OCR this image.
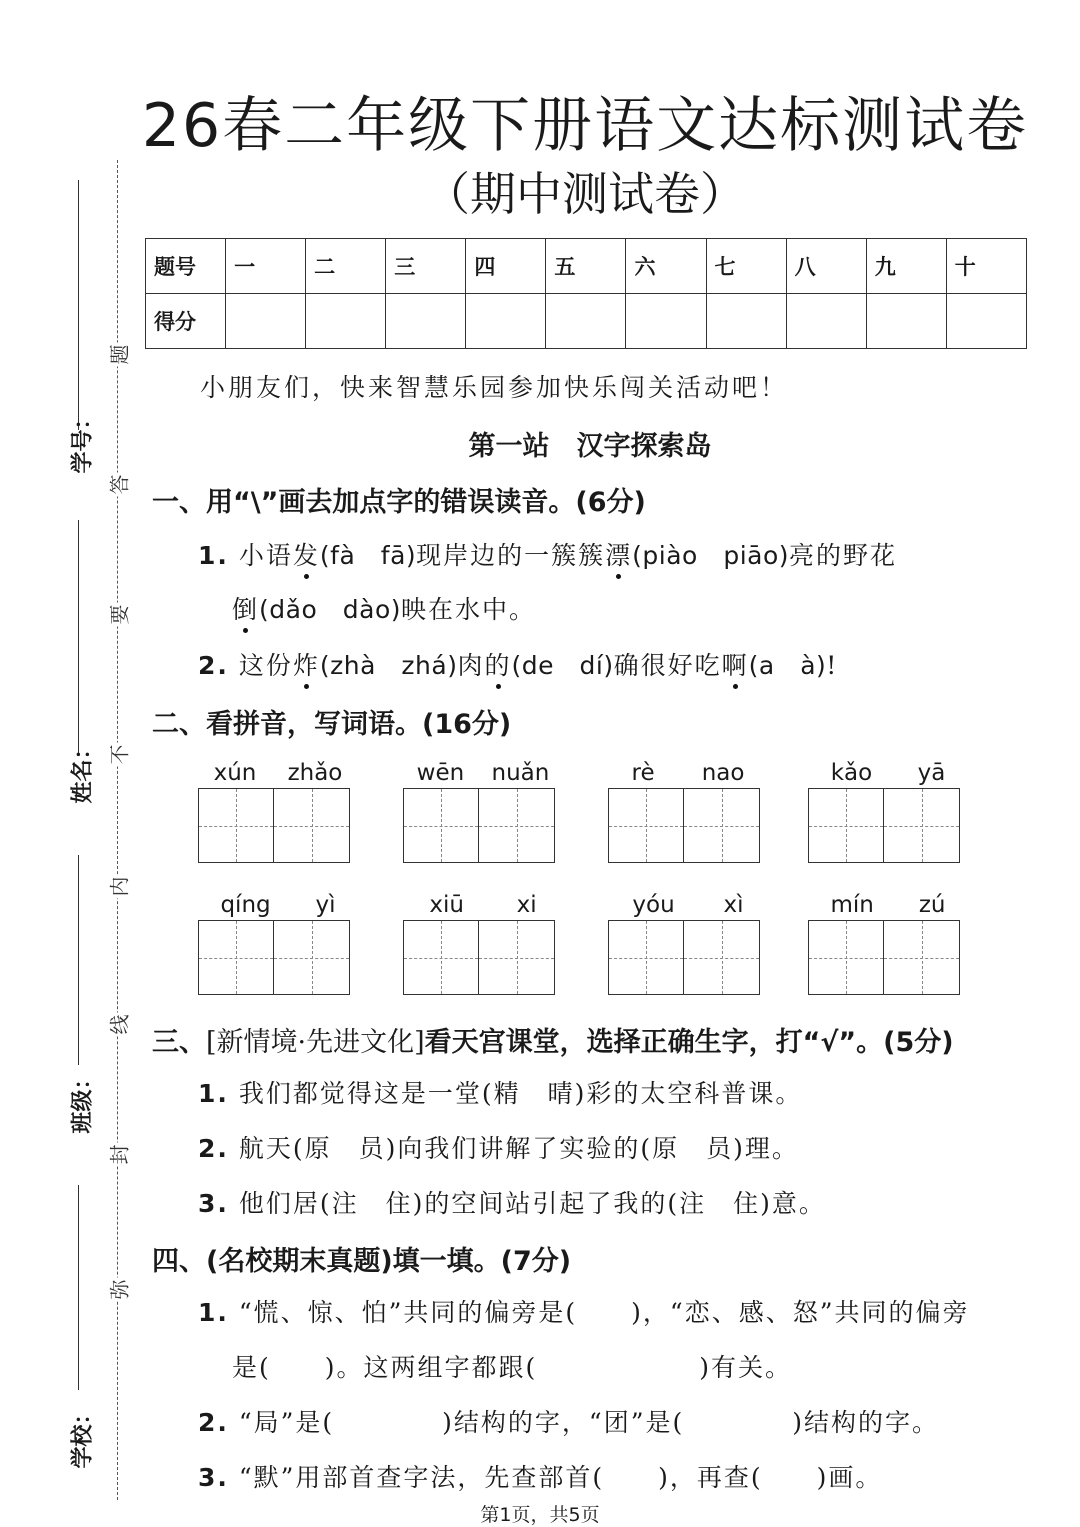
26春二年级下册语文达标测试卷
（期中测试卷）
学号：
姓名：
班级：
学校：
题
答
要
不
内
线
封
弥
题号	一	二	三	四	五	六	七	八	九	十
得分										
小朋友们，快来智慧乐园参加快乐闯关活动吧！
第一站　汉字探索岛
一、用“\”画去加点字的错误读音。(6分)
1. 小语发(fà　fā)现岸边的一簇簇漂(piào　piāo)亮的野花
倒(dǎo　dào)映在水中。
2. 这份炸(zhà　zhá)肉的(de　dí)确很好吃啊(a　à)!
二、看拼音，写词语。(16分)
xún zhǎo	wēn nuǎn	rè nao	kǎo yā
qíng yì	xiū xi	yóu xì	mín zú
三、[新情境·先进文化]看天宫课堂，选择正确生字，打“√”。(5分)
1. 我们都觉得这是一堂(精　晴)彩的太空科普课。
2. 航天(原　员)向我们讲解了实验的(原　员)理。
3. 他们居(注　住)的空间站引起了我的(注　住)意。
四、(名校期末真题)填一填。(7分)
1. “慌、惊、怕”共同的偏旁是(　　)，“恋、感、怒”共同的偏旁
是(　　)。这两组字都跟(　　　　　　)有关。
2. “局”是(　　　　)结构的字，“团”是(　　　　)结构的字。
3. “默”用部首查字法，先查部首(　　)，再查(　　)画。
第1页，共5页
